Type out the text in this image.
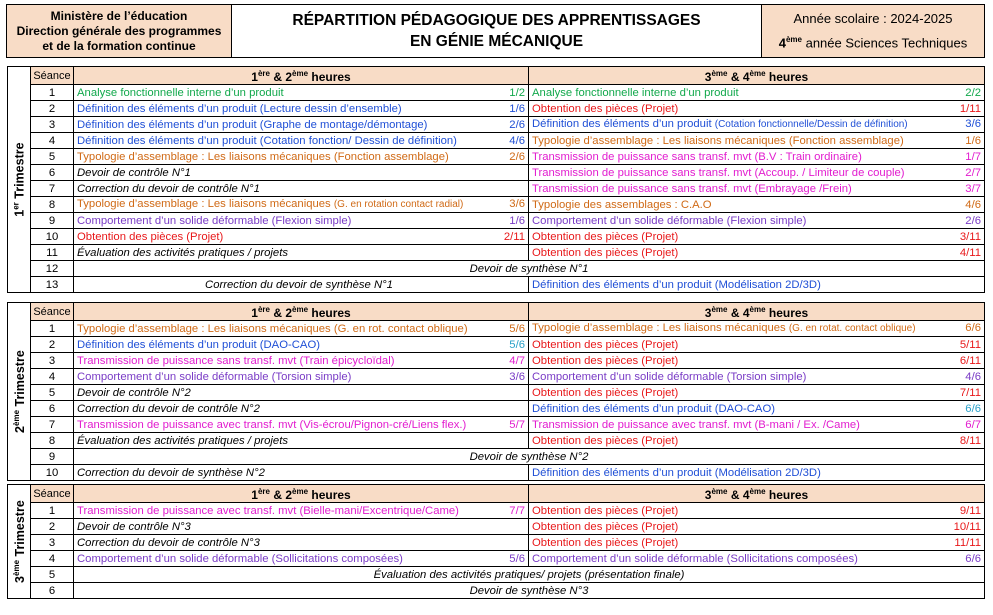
Ministère de l’éducation
Direction générale des programmes
et de la formation continue
RÉPARTITION PÉDAGOGIQUE DES APPRENTISSAGES
EN GÉNIE MÉCANIQUE
Année scolaire : 2024-2025
4ème année Sciences Techniques
1er Trimestre
Séance	1ère & 2ème heures	3ème & 4ème heures
1	Analyse fonctionnelle interne d’un produit 1/2	Analyse fonctionnelle interne d’un produit 2/2

2	Définition des éléments d’un produit (Lecture dessin d’ensemble) 1/6	Obtention des pièces (Projet) 1/11

3	Définition des éléments d’un produit (Graphe de montage/démontage) 2/6	Définition des éléments d’un produit (Cotation fonctionnelle/Dessin de définition) 3/6

4	Définition des éléments d’un produit (Cotation fonction/ Dessin de définition) 4/6	Typologie d’assemblage : Les liaisons mécaniques (Fonction assemblage) 1/6

5	Typologie d’assemblage : Les liaisons mécaniques (Fonction assemblage) 2/6	Transmission de puissance sans transf. mvt (B.V : Train ordinaire) 1/7

6	Devoir de contrôle N°1	Transmission de puissance sans transf. mvt (Accoup. / Limiteur de couple) 2/7

7	Correction du devoir de contrôle N°1	Transmission de puissance sans transf. mvt (Embrayage /Frein) 3/7

8	Typologie d’assemblage : Les liaisons mécaniques (G. en rotation contact radial) 3/6	Typologie des assemblages : C.A.O 4/6

9	Comportement d’un solide déformable (Flexion simple) 1/6	Comportement d’un solide déformable (Flexion simple) 2/6

10	Obtention des pièces (Projet) 2/11	Obtention des pièces (Projet) 3/11

11	Évaluation des activités pratiques / projets	Obtention des pièces (Projet) 4/11

12	Devoir de synthèse N°1	
13	Correction du devoir de synthèse N°1	Définition des éléments d’un produit (Modélisation 2D/3D)
2ème Trimestre
Séance	1ère & 2ème heures	3ème & 4ème heures
1	Typologie d’assemblage : Les liaisons mécaniques (G. en rot. contact oblique) 5/6	Typologie d’assemblage : Les liaisons mécaniques (G. en rotat. contact oblique) 6/6

2	Définition des éléments d’un produit (DAO-CAO) 5/6	Obtention des pièces (Projet) 5/11

3	Transmission de puissance sans transf. mvt (Train épicycloïdal) 4/7	Obtention des pièces (Projet) 6/11

4	Comportement d’un solide déformable (Torsion simple) 3/6	Comportement d’un solide déformable (Torsion simple) 4/6

5	Devoir de contrôle N°2	Obtention des pièces (Projet) 7/11

6	Correction du devoir de contrôle N°2	Définition des éléments d’un produit (DAO-CAO) 6/6

7	Transmission de puissance avec transf. mvt (Vis-écrou/Pignon-cré/Liens flex.) 5/7	Transmission de puissance avec transf. mvt (B-mani / Ex. /Came) 6/7

8	Évaluation des activités pratiques / projets	Obtention des pièces (Projet) 8/11

9	Devoir de synthèse N°2	
10	Correction du devoir de synthèse N°2	Définition des éléments d’un produit (Modélisation 2D/3D)
3ème Trimestre
Séance	1ère & 2ème heures	3ème & 4ème heures
1	Transmission de puissance avec transf. mvt (Bielle-mani/Excentrique/Came) 7/7	Obtention des pièces (Projet) 9/11

2	Devoir de contrôle N°3	Obtention des pièces (Projet) 10/11

3	Correction du devoir de contrôle N°3	Obtention des pièces (Projet) 11/11

4	Comportement d’un solide déformable (Sollicitations composées) 5/6	Comportement d’un solide déformable (Sollicitations composées) 6/6

5	Évaluation des activités pratiques/ projets (présentation finale)	
6	Devoir de synthèse N°3	
